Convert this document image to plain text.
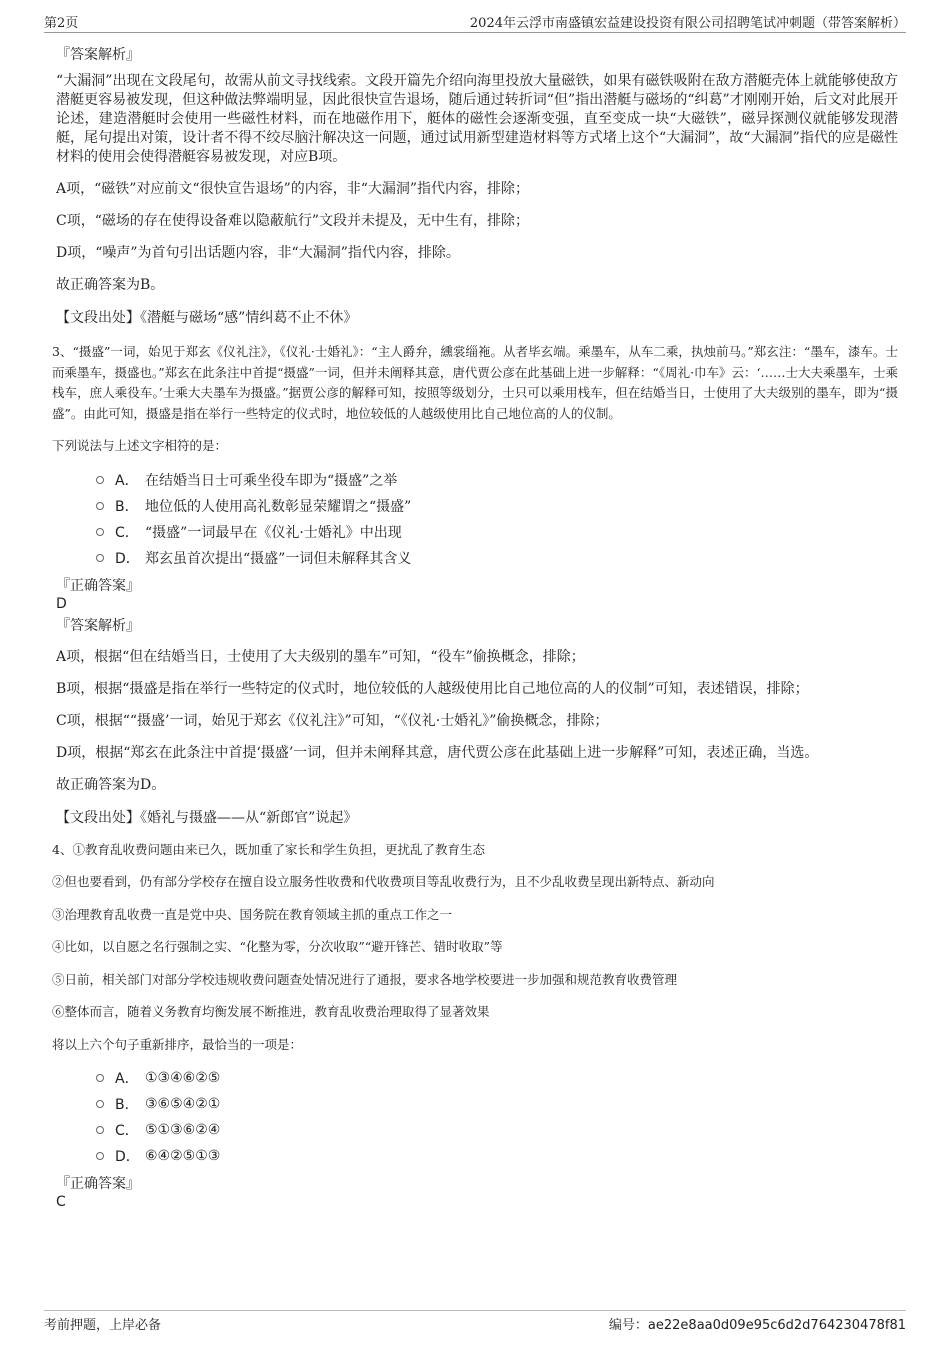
第2页	2024年云浮市南盛镇宏益建设投资有限公司招聘笔试冲刺题（带答案解析）
『答案解析』
“大漏洞”出现在文段尾句，故需从前文寻找线索。文段开篇先介绍向海里投放大量磁铁，如果有磁铁吸附在敌方潜艇壳体上就能够使敌方潜艇更容易被发现，但这种做法弊端明显，因此很快宣告退场，随后通过转折词“但”指出潜艇与磁场的“纠葛”才刚刚开始，后文对此展开论述，建造潜艇时会使用一些磁性材料，而在地磁作用下，艇体的磁性会逐渐变强，直至变成一块“大磁铁”，磁异探测仪就能够发现潜艇，尾句提出对策，设计者不得不绞尽脑汁解决这一问题，通过试用新型建造材料等方式堵上这个“大漏洞”，故“大漏洞”指代的应是磁性材料的使用会使得潜艇容易被发现，对应B项。
A项，“磁铁”对应前文“很快宣告退场”的内容，非“大漏洞”指代内容，排除；
C项，“磁场的存在使得设备难以隐蔽航行”文段并未提及，无中生有，排除；
D项，“噪声”为首句引出话题内容，非“大漏洞”指代内容，排除。
故正确答案为B。
【文段出处】《潜艇与磁场“感”情纠葛不止不休》
3、“摄盛”一词，始见于郑玄《仪礼注》，《仪礼·士婚礼》：“主人爵弁，纁裳缁袘。从者毕玄端。乘墨车，从车二乘，执烛前马。”郑玄注：“墨车，漆车。士而乘墨车，摄盛也。”郑玄在此条注中首提“摄盛”一词，但并未阐释其意，唐代贾公彦在此基础上进一步解释：“《周礼·巾车》云：‘……士大夫乘墨车，士乘栈车，庶人乘役车。’士乘大夫墨车为摄盛。”据贾公彦的解释可知，按照等级划分，士只可以乘用栈车，但在结婚当日，士使用了大夫级别的墨车，即为“摄盛”。由此可知，摄盛是指在举行一些特定的仪式时，地位较低的人越级使用比自己地位高的人的仪制。
下列说法与上述文字相符的是：
A． 在结婚当日士可乘坐役车即为“摄盛”之举
B． 地位低的人使用高礼数彰显荣耀谓之“摄盛”
C． “摄盛”一词最早在《仪礼·士婚礼》中出现
D． 郑玄虽首次提出“摄盛”一词但未解释其含义
『正确答案』
D
『答案解析』
A项，根据“但在结婚当日，士使用了大夫级别的墨车”可知，“役车”偷换概念，排除；
B项，根据“摄盛是指在举行一些特定的仪式时，地位较低的人越级使用比自己地位高的人的仪制”可知，表述错误，排除；
C项，根据““摄盛’一词，始见于郑玄《仪礼注》”可知，“《仪礼·士婚礼》”偷换概念，排除；
D项，根据“郑玄在此条注中首提‘摄盛’一词，但并未阐释其意，唐代贾公彦在此基础上进一步解释”可知，表述正确，当选。
故正确答案为D。
【文段出处】《婚礼与摄盛——从“新郎官”说起》
4、①教育乱收费问题由来已久，既加重了家长和学生负担，更扰乱了教育生态
②但也要看到，仍有部分学校存在擅自设立服务性收费和代收费项目等乱收费行为，且不少乱收费呈现出新特点、新动向
③治理教育乱收费一直是党中央、国务院在教育领域主抓的重点工作之一
④比如，以自愿之名行强制之实、“化整为零，分次收取”“避开锋芒、错时收取”等
⑤日前，相关部门对部分学校违规收费问题查处情况进行了通报，要求各地学校要进一步加强和规范教育收费管理
⑥整体而言，随着义务教育均衡发展不断推进，教育乱收费治理取得了显著效果
将以上六个句子重新排序，最恰当的一项是：
A． ①③④⑥②⑤
B． ③⑥⑤④②①
C． ⑤①③⑥②④
D． ⑥④②⑤①③
『正确答案』
C
考前押题，上岸必备	编号：ae22e8aa0d09e95c6d2d764230478f81
